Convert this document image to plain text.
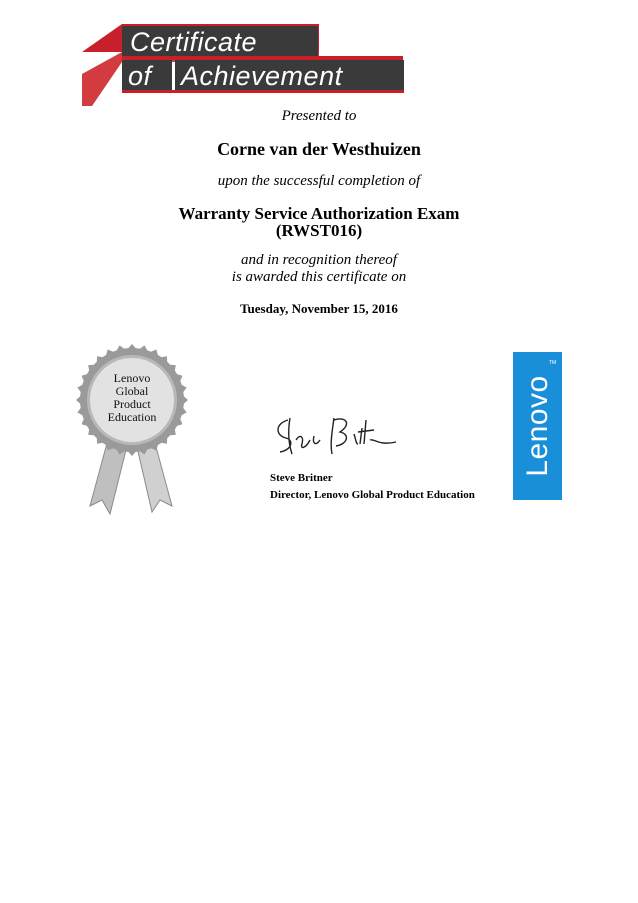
Certificate
of Achievement
Presented to
Corne van der Westhuizen
upon the successful completion of
Warranty Service Authorization Exam
(RWST016)
and in recognition thereof
is awarded this certificate on
Tuesday, November 15, 2016
Lenovo
Global
Product
Education
Steve Britner
Director, Lenovo Global Product Education
Lenovo
TM
